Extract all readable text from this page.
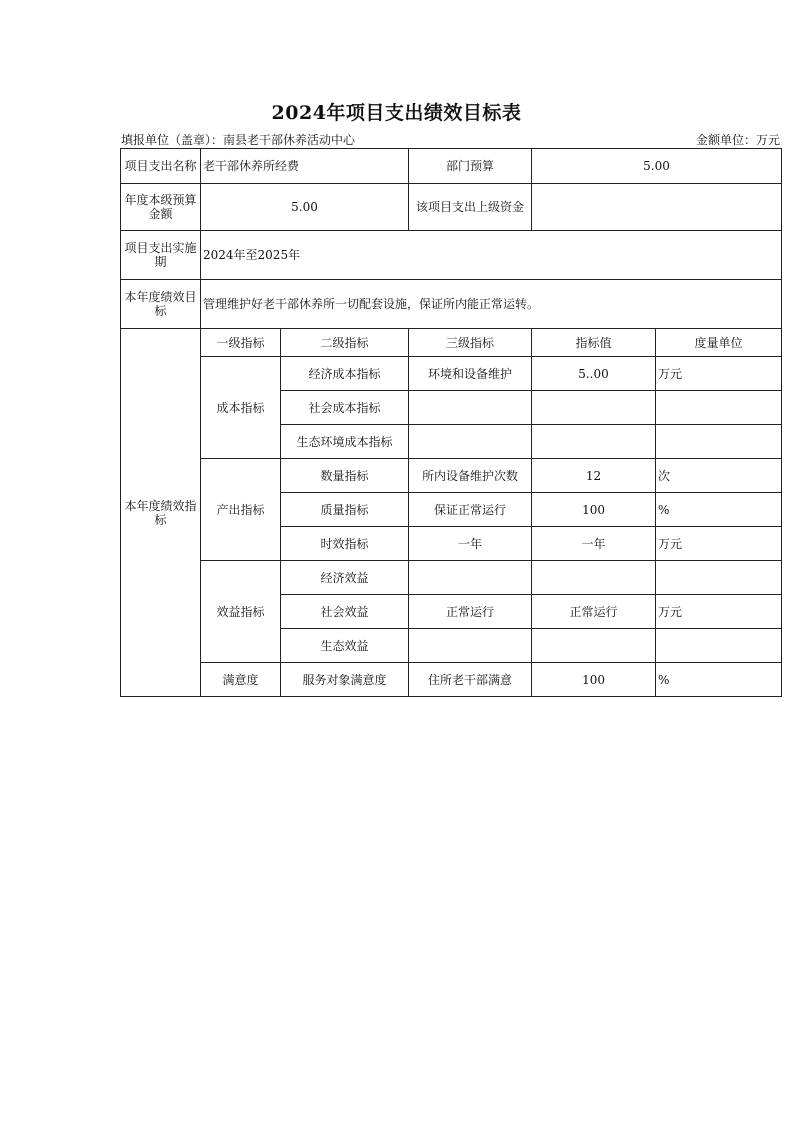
2024年项目支出绩效目标表
填报单位（盖章）：南县老干部休养活动中心	金额单位：万元
项目支出名称	老干部休养所经费		部门预算	5.00	
年度本级预算金额	5.00		该项目支出上级资金		
项目支出实施期	2024年至2025年				
本年度绩效目标	管理维护好老干部休养所一切配套设施，保证所内能正常运转。				
本年度绩效指标	一级指标	二级指标	三级指标	指标值	度量单位
	成本指标	经济成本指标	环境和设备维护	5..00	万元
		社会成本指标			
		生态环境成本指标			
	产出指标	数量指标	所内设备维护次数	12	次
		质量指标	保证正常运行	100	%
		时效指标	一年	一年	万元
	效益指标	经济效益			
		社会效益	正常运行	正常运行	万元
		生态效益			
	满意度	服务对象满意度	住所老干部满意	100	%
